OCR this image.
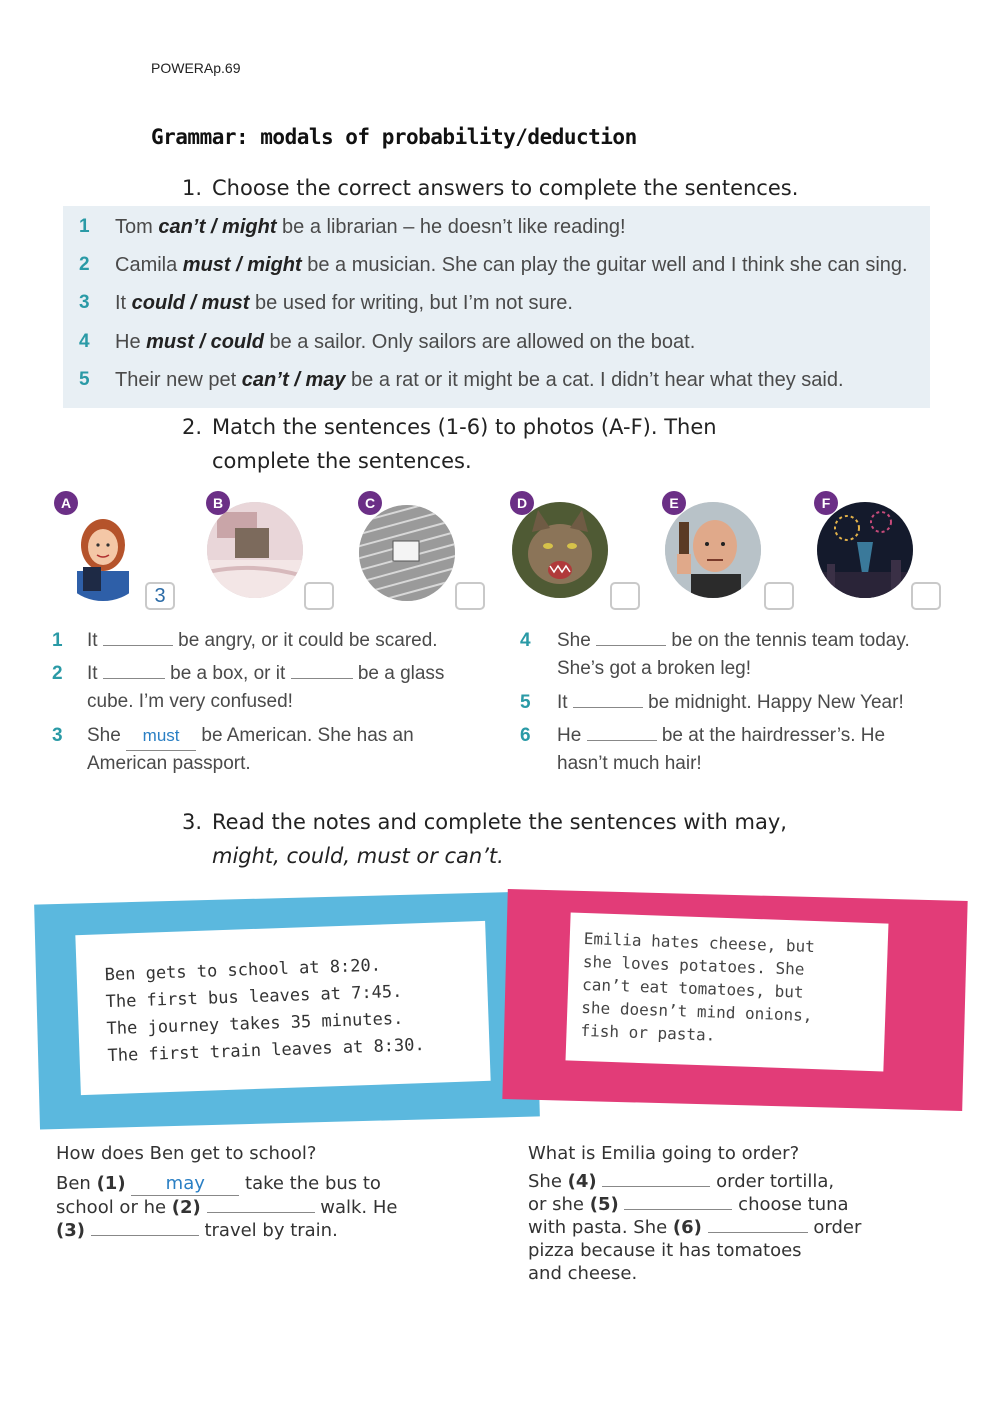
POWERAp.69
Grammar: modals of probability/deduction
1. Choose the correct answers to complete the sentences.
1 Tom can’t / might be a librarian – he doesn’t like reading!
2 Camila must / might be a musician. She can play the guitar well and I think she can sing.
3 It could / must be used for writing, but I’m not sure.
4 He must / could be a sailor. Only sailors are allowed on the boat.
5 Their new pet can’t / may be a rat or it might be a cat. I didn’t hear what they said.
2. Match the sentences (1-6) to photos (A-F). Then
complete the sentences.
A
3
B	C	D	E	F
1 It	be angry, or it could be scared.
2 It	be a box, or it	be a glass
cube. I’m very confused!
3 She must be American. She has an
American passport.
4 She	be on the tennis team today.
She’s got a broken leg!
5 It	be midnight. Happy New Year!
6 He	be at the hairdresser’s. He
hasn’t much hair!
3. Read the notes and complete the sentences with may,
might, could, must or can’t.
Ben gets to school at 8:20.
The first bus leaves at 7:45.
The journey takes 35 minutes.
The first train leaves at 8:30.
Emilia hates cheese, but
she loves potatoes. She
can’t eat tomatoes, but
she doesn’t mind onions,
fish or pasta.
How does Ben get to school?
Ben (1) may take the bus to
school or he (2)	walk. He
(3)	travel by train.
What is Emilia going to order?
She (4)	order tortilla,
or she (5)	choose tuna
with pasta. She (6)	order
pizza because it has tomatoes
and cheese.
